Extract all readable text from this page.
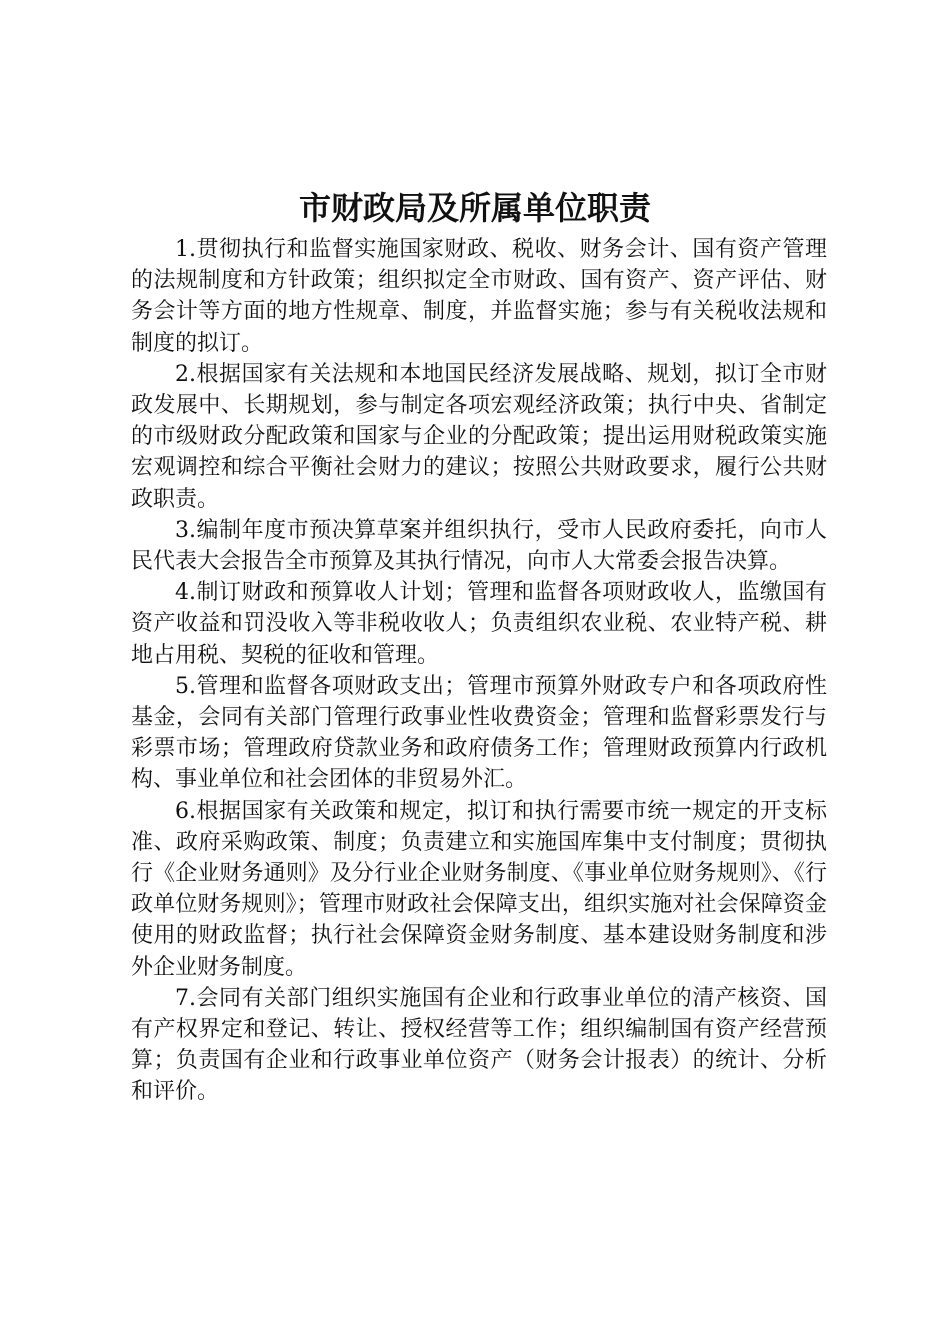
市财政局及所属单位职责

1.贯彻执行和监督实施国家财政、税收、财务会计、国有资产管理的法规制度和方针政策；组织拟定全市财政、国有资产、资产评估、财务会计等方面的地方性规章、制度，并监督实施；参与有关税收法规和制度的拟订。

2.根据国家有关法规和本地国民经济发展战略、规划，拟订全市财政发展中、长期规划，参与制定各项宏观经济政策；执行中央、省制定的市级财政分配政策和国家与企业的分配政策；提出运用财税政策实施宏观调控和综合平衡社会财力的建议；按照公共财政要求，履行公共财政职责。

3.编制年度市预决算草案并组织执行，受市人民政府委托，向市人民代表大会报告全市预算及其执行情况，向市人大常委会报告决算。

4.制订财政和预算收人计划；管理和监督各项财政收人，监缴国有资产收益和罚没收入等非税收收人；负责组织农业税、农业特产税、耕地占用税、契税的征收和管理。

5.管理和监督各项财政支出；管理市预算外财政专户和各项政府性基金，会同有关部门管理行政事业性收费资金；管理和监督彩票发行与彩票市场；管理政府贷款业务和政府债务工作；管理财政预算内行政机构、事业单位和社会团体的非贸易外汇。

6.根据国家有关政策和规定，拟订和执行需要市统一规定的开支标准、政府采购政策、制度；负责建立和实施国库集中支付制度；贯彻执行《企业财务通则》及分行业企业财务制度、《事业单位财务规则》、《行政单位财务规则》；管理市财政社会保障支出，组织实施对社会保障资金使用的财政监督；执行社会保障资金财务制度、基本建设财务制度和涉外企业财务制度。

7.会同有关部门组织实施国有企业和行政事业单位的清产核资、国有产权界定和登记、转让、授权经营等工作；组织编制国有资产经营预算；负责国有企业和行政事业单位资产（财务会计报表）的统计、分析和评价。
